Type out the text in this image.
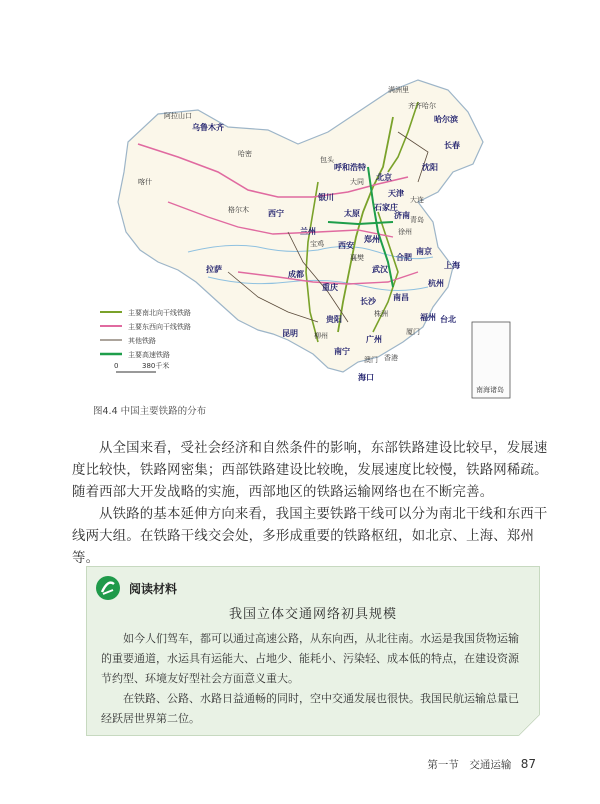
南海诸岛
哈尔滨
长春
沈阳
北京
天津
乌鲁木齐
呼和浩特
石家庄
太原	济南
西宁
兰州
银川
西安
郑州
南京
上海
合肥
武汉
杭州
拉萨
成都
重庆
长沙 南昌
福州
贵阳
昆明
南宁
广州
台北
海口
香港
澳门
大连
青岛
徐州
宝鸡
襄樊
株洲
柳州	厦门
大同
哈密
喀什
格尔木
包头
满洲里
齐齐哈尔
阿拉山口
主要南北向干线铁路
主要东西向干线铁路
其他铁路
主要高速铁路
0	380千米
图4.4 中国主要铁路的分布

从全国来看，受社会经济和自然条件的影响，东部铁路建设比较早，发展速度比较快，铁路网密集；西部铁路建设比较晚，发展速度比较慢，铁路网稀疏。随着西部大开发战略的实施，西部地区的铁路运输网络也在不断完善。

从铁路的基本延伸方向来看，我国主要铁路干线可以分为南北干线和东西干线两大组。在铁路干线交会处，多形成重要的铁路枢纽，如北京、上海、郑州等。

阅读材料
我国立体交通网络初具规模

如今人们驾车，都可以通过高速公路，从东向西，从北往南。水运是我国货物运输的重要通道，水运具有运能大、占地少、能耗小、污染轻、成本低的特点，在建设资源节约型、环境友好型社会方面意义重大。

在铁路、公路、水路日益通畅的同时，空中交通发展也很快。我国民航运输总量已经跃居世界第二位。

第一节　交通运输 87
